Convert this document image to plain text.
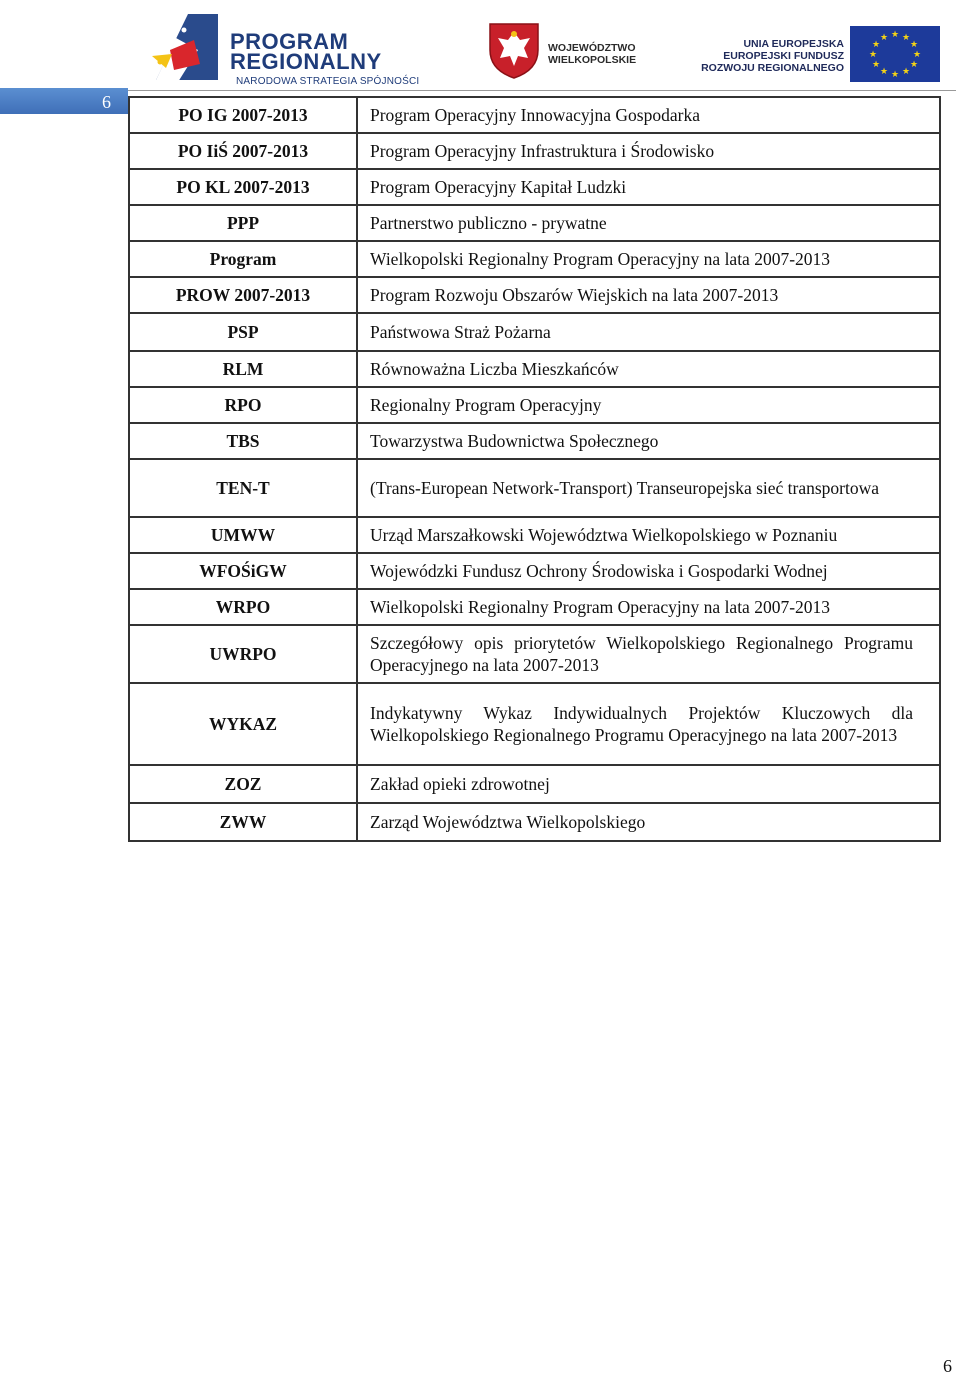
PROGRAM
REGIONALNY
NARODOWA STRATEGIA SPÓJNOŚCI
WOJEWÓDZTWO
WIELKOPOLSKIE
UNIA EUROPEJSKA
EUROPEJSKI FUNDUSZ
ROZWOJU REGIONALNEGO
★ ★
★
★
★
★
★
★
★
★
★
★
6
PO IG 2007-2013	Program Operacyjny Innowacyjna Gospodarka
PO IiŚ 2007-2013	Program Operacyjny Infrastruktura i Środowisko
PO KL 2007-2013	Program Operacyjny Kapitał Ludzki
PPP	Partnerstwo publiczno - prywatne
Program	Wielkopolski Regionalny Program Operacyjny na lata 2007-2013
PROW 2007-2013	Program Rozwoju Obszarów Wiejskich na lata 2007-2013
PSP	Państwowa Straż Pożarna
RLM	Równoważna Liczba Mieszkańców
RPO	Regionalny Program Operacyjny
TBS	Towarzystwa Budownictwa Społecznego
TEN-T	(Trans-European Network-Transport) Transeuropejska sieć transportowa
UMWW	Urząd Marszałkowski Województwa Wielkopolskiego w Poznaniu
WFOŚiGW	Wojewódzki Fundusz Ochrony Środowiska i Gospodarki Wodnej
WRPO	Wielkopolski Regionalny Program Operacyjny na lata 2007-2013
UWRPO	Szczegółowy opis priorytetów Wielkopolskiego Regionalnego Programu Operacyjnego na lata 2007-2013
WYKAZ	Indykatywny Wykaz Indywidualnych Projektów Kluczowych dla Wielkopolskiego Regionalnego Programu Operacyjnego na lata 2007-2013
ZOZ	Zakład opieki zdrowotnej
ZWW	Zarząd Województwa Wielkopolskiego
6
